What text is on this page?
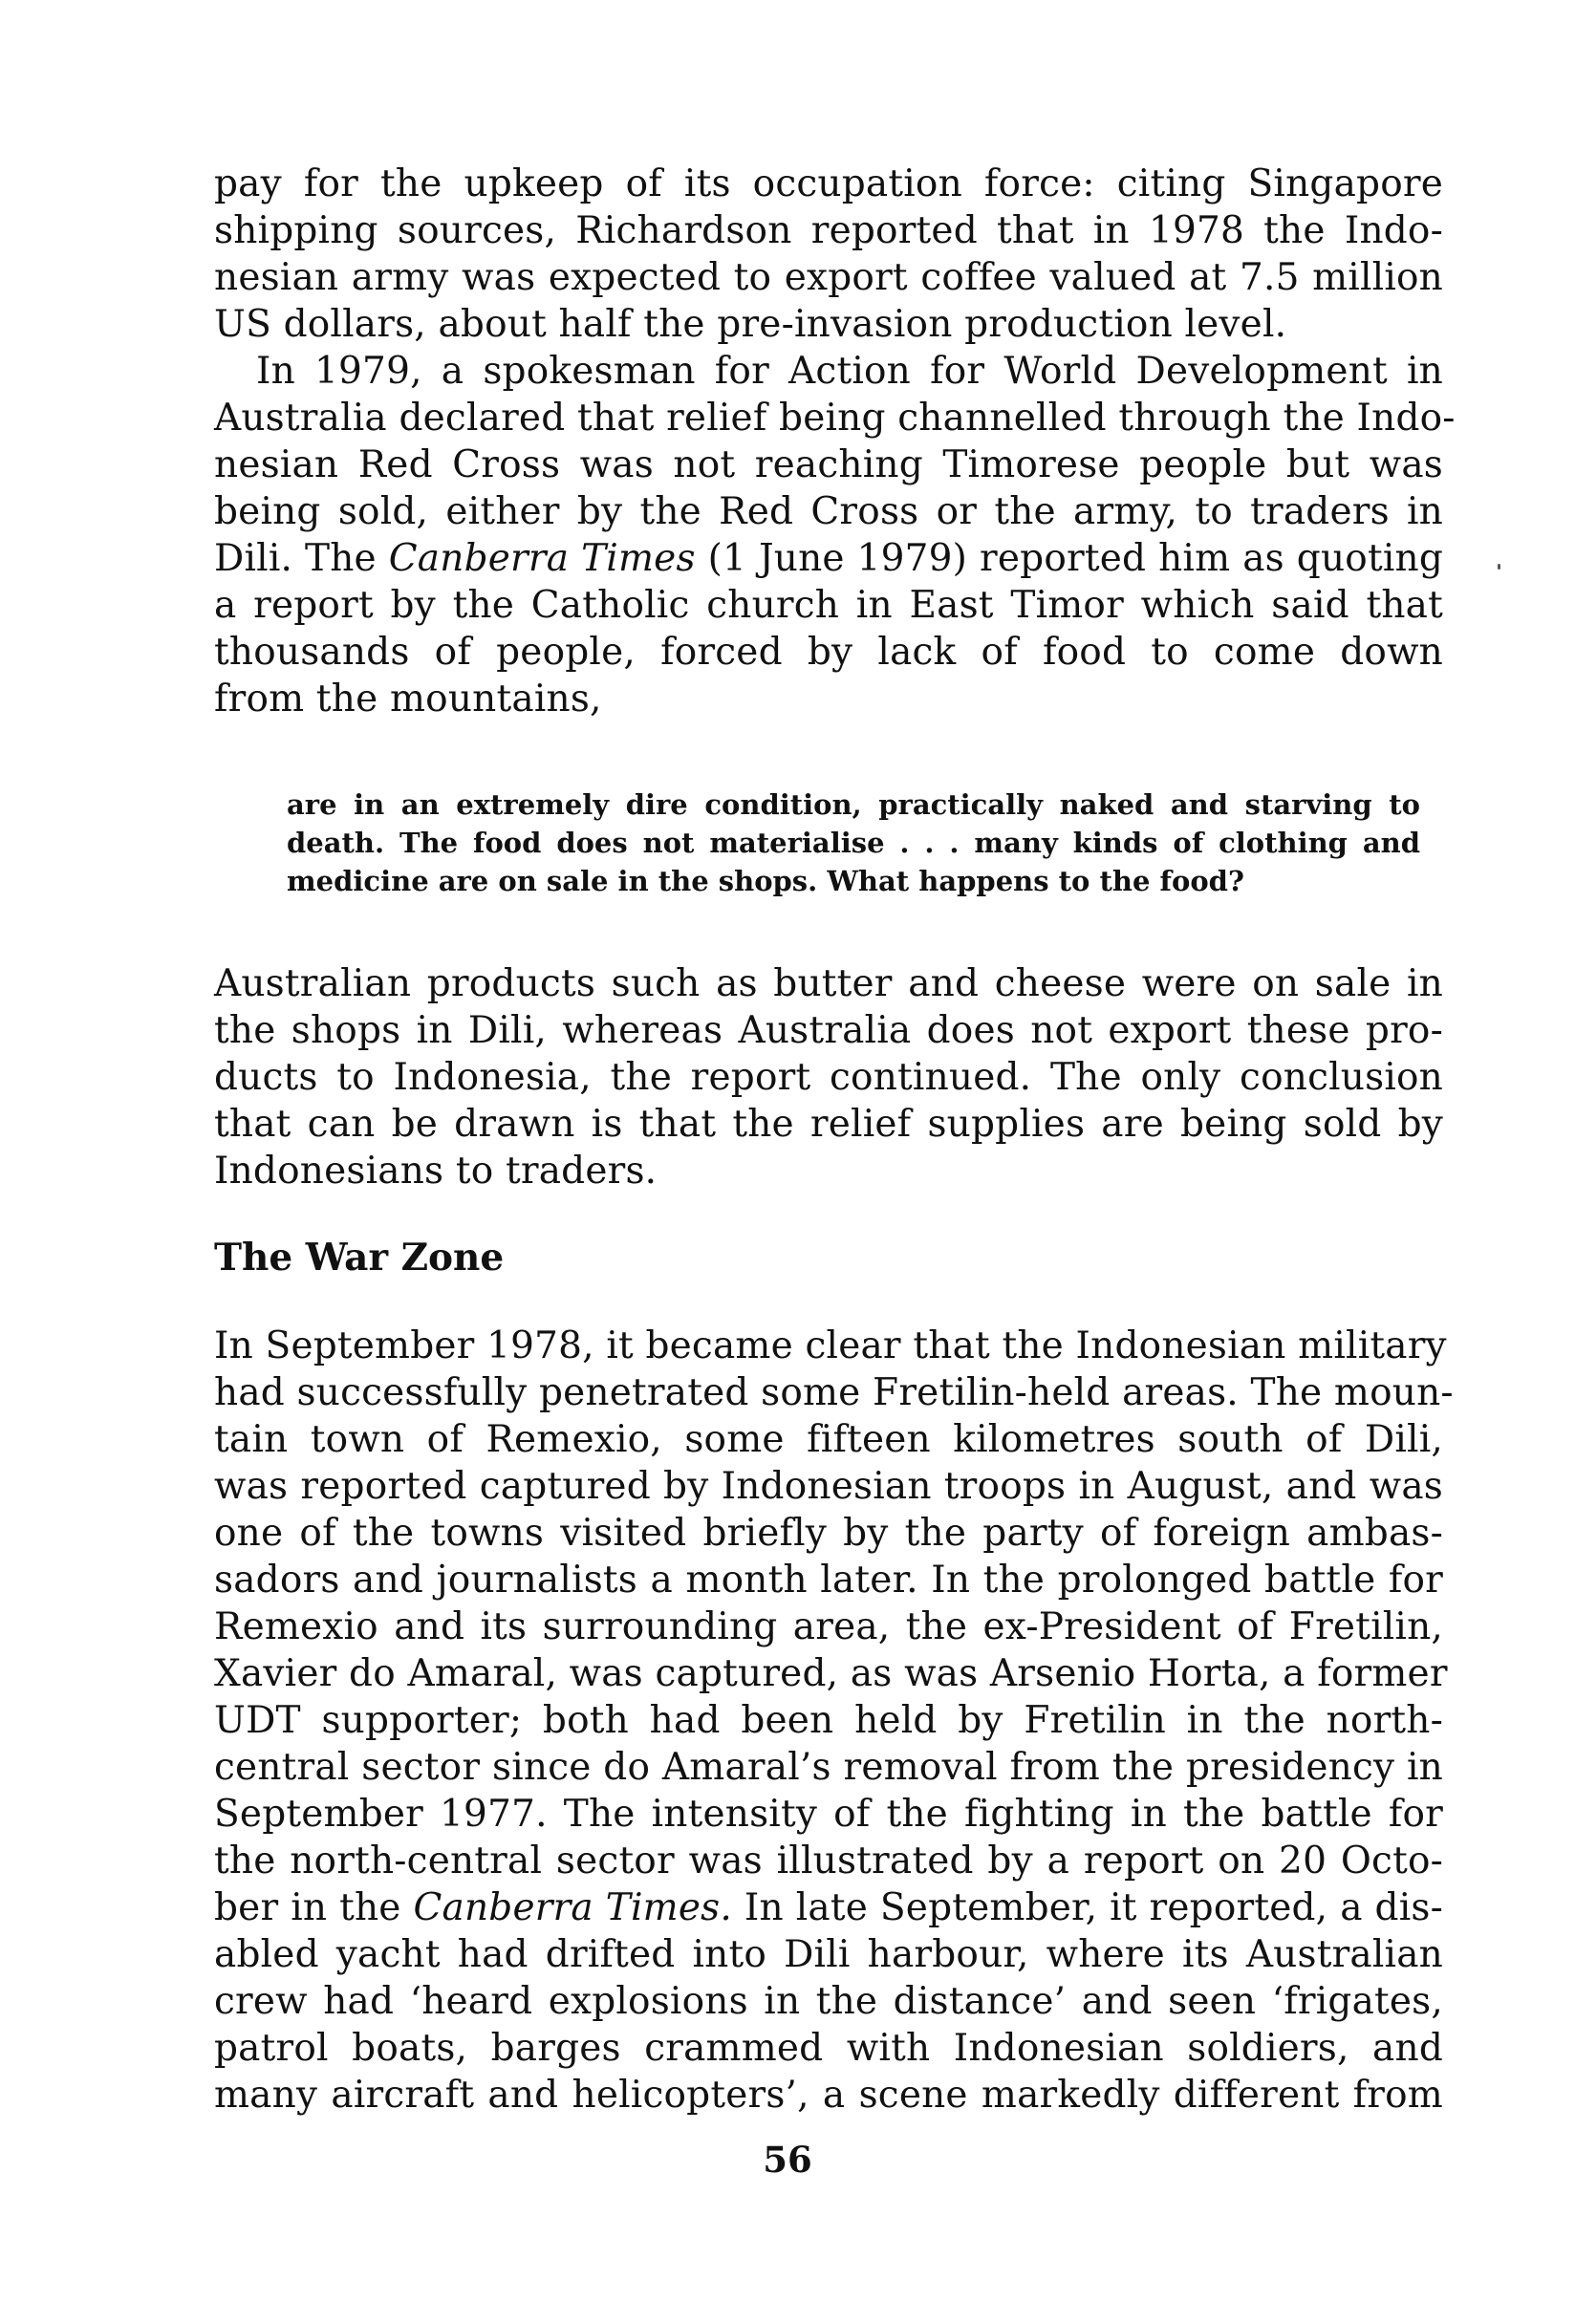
pay for the upkeep of its occupation force: citing Singapore
shipping sources, Richardson reported that in 1978 the Indo-
nesian army was expected to export coffee valued at 7.5 million
US dollars, about half the pre-invasion production level.
In 1979, a spokesman for Action for World Development in
Australia declared that relief being channelled through the Indo-
nesian Red Cross was not reaching Timorese people but was
being sold, either by the Red Cross or the army, to traders in
Dili. The Canberra Times (1 June 1979) reported him as quoting
a report by the Catholic church in East Timor which said that
thousands of people, forced by lack of food to come down
from the mountains,
are in an extremely dire condition, practically naked and starving to
death. The food does not materialise . . . many kinds of clothing and
medicine are on sale in the shops. What happens to the food?
Australian products such as butter and cheese were on sale in
the shops in Dili, whereas Australia does not export these pro-
ducts to Indonesia, the report continued. The only conclusion
that can be drawn is that the relief supplies are being sold by
Indonesians to traders.
The War Zone
In September 1978, it became clear that the Indonesian military
had successfully penetrated some Fretilin-held areas. The moun-
tain town of Remexio, some fifteen kilometres south of Dili,
was reported captured by Indonesian troops in August, and was
one of the towns visited briefly by the party of foreign ambas-
sadors and journalists a month later. In the prolonged battle for
Remexio and its surrounding area, the ex-President of Fretilin,
Xavier do Amaral, was captured, as was Arsenio Horta, a former
UDT supporter; both had been held by Fretilin in the north-
central sector since do Amaral’s removal from the presidency in
September 1977. The intensity of the fighting in the battle for
the north-central sector was illustrated by a report on 20 Octo-
ber in the Canberra Times. In late September, it reported, a dis-
abled yacht had drifted into Dili harbour, where its Australian
crew had ‘heard explosions in the distance’ and seen ‘frigates,
patrol boats, barges crammed with Indonesian soldiers, and
many aircraft and helicopters’, a scene markedly different from
56
